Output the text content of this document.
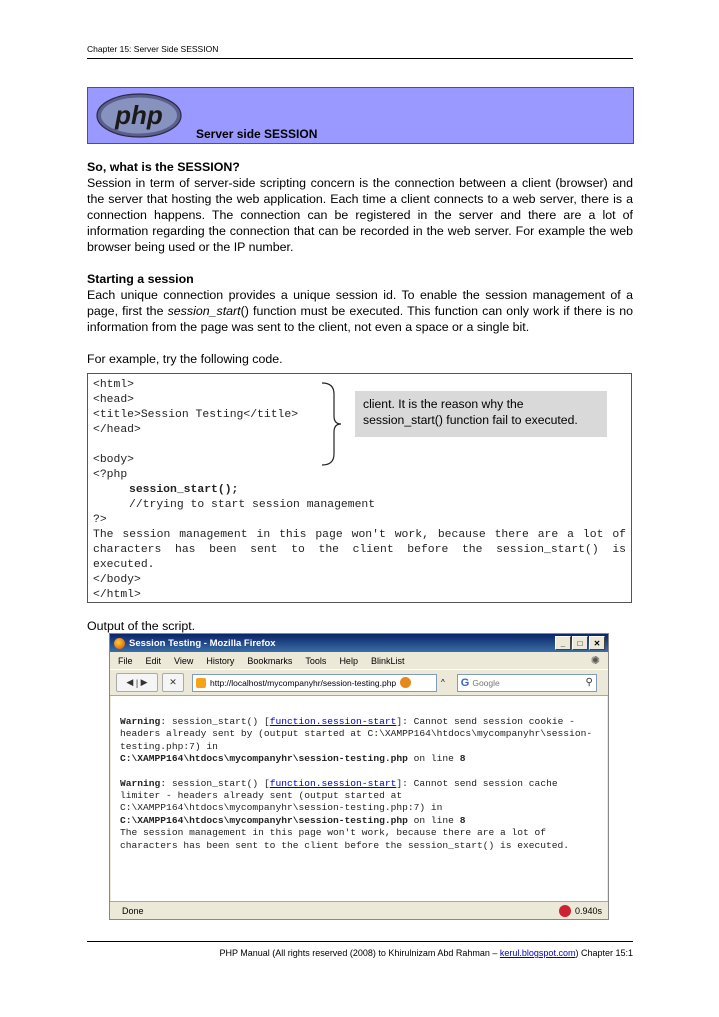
Chapter 15: Server Side SESSION
php
Server side SESSION

So, what is the SESSION?

Session in term of server-side scripting concern is the connection between a client (browser) and the server that hosting the web application. Each time a client connects to a web server, there is a connection happens. The connection can be registered in the server and there are a lot of information regarding the connection that can be recorded in the web server. For example the web browser being used or the IP number.

Starting a session

Each unique connection provides a unique session id. To enable the session management of a page, first the session_start() function must be executed. This function can only work if there is no information from the page was sent to the client, not even a space or a single bit.

For example, try the following code.

<html>
<head>
<title>Session Testing</title>
</head>

<body>
<?php
session_start();
//trying to start session management
?>
The session management in this page won't work, because there are a lot of characters has been sent to the client before the session_start() is executed.
</body>
</html>
client. It is the reason why the session_start() function fail to executed.
Output of the script.
Session Testing - Mozilla Firefox	_	□	✕
File Edit View History Bookmarks Tools Help BlinkList	✺
◀ | ▶ ✕	http://localhost/mycompanyhr/session-testing.php	^ G Google	⚲
Warning: session_start() [function.session-start]: Cannot send session cookie - headers already sent by (output started at C:\XAMPP164\htdocs\mycompanyhr\session-testing.php:7) in
C:\XAMPP164\htdocs\mycompanyhr\session-testing.php on line 8
Warning: session_start() [function.session-start]: Cannot send session cache limiter - headers already sent (output started at C:\XAMPP164\htdocs\mycompanyhr\session-testing.php:7) in
C:\XAMPP164\htdocs\mycompanyhr\session-testing.php on line 8
The session management in this page won't work, because there are a lot of characters has been sent to the client before the session_start() is executed.
Done	0.940s
PHP Manual (All rights reserved (2008) to Khirulnizam Abd Rahman – kerul.blogspot.com) Chapter 15:1
